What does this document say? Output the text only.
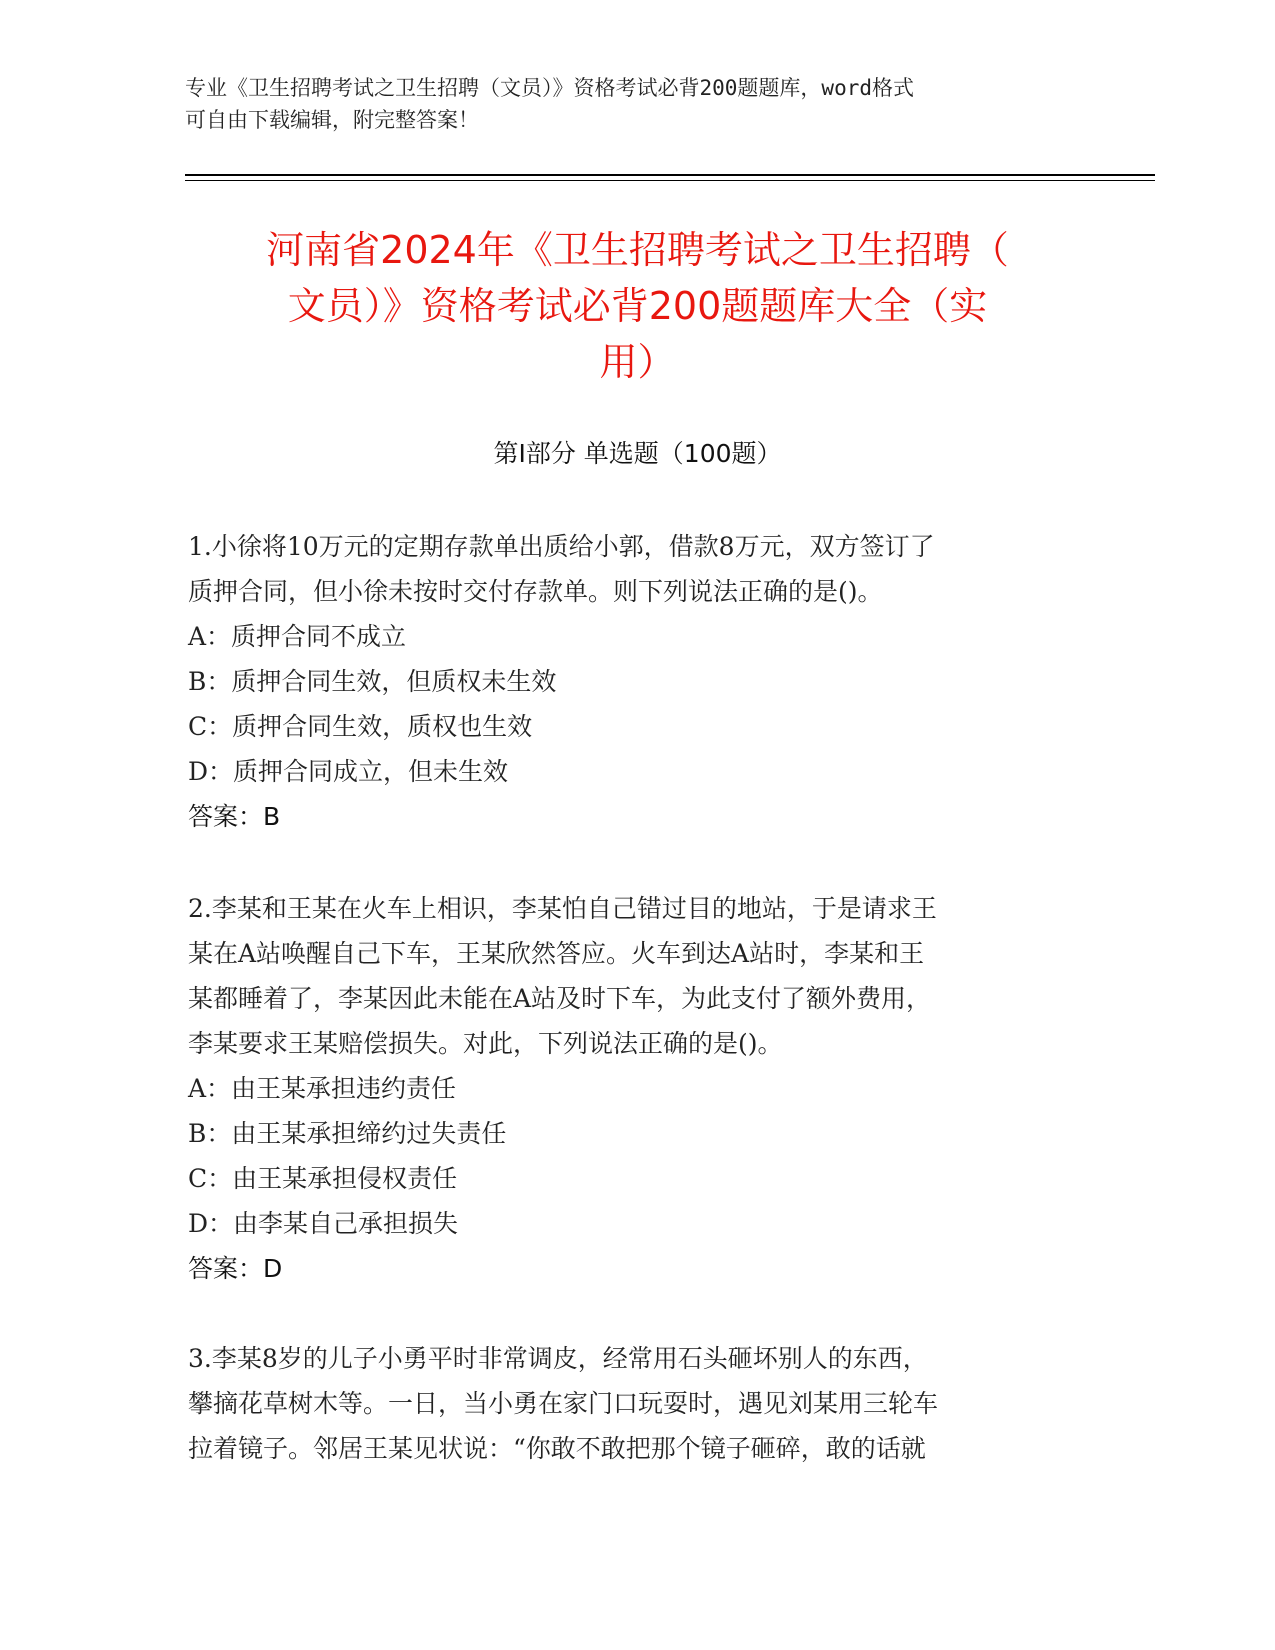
专业《卫生招聘考试之卫生招聘（文员）》资格考试必背200题题库，word格式
可自由下载编辑，附完整答案！
河南省2024年《卫生招聘考试之卫生招聘（
文员）》资格考试必背200题题库大全（实
用）
第Ⅰ部分 单选题（100题）
1.小徐将10万元的定期存款单出质给小郭，借款8万元，双方签订了
质押合同，但小徐未按时交付存款单。则下列说法正确的是()。
A：质押合同不成立
B：质押合同生效，但质权未生效
C：质押合同生效，质权也生效
D：质押合同成立，但未生效
答案：B
2.李某和王某在火车上相识，李某怕自己错过目的地站，于是请求王
某在A站唤醒自己下车，王某欣然答应。火车到达A站时，李某和王
某都睡着了，李某因此未能在A站及时下车，为此支付了额外费用，
李某要求王某赔偿损失。对此，下列说法正确的是()。
A：由王某承担违约责任
B：由王某承担缔约过失责任
C：由王某承担侵权责任
D：由李某自己承担损失
答案：D
3.李某8岁的儿子小勇平时非常调皮，经常用石头砸坏别人的东西，
攀摘花草树木等。一日，当小勇在家门口玩耍时，遇见刘某用三轮车
拉着镜子。邻居王某见状说：“你敢不敢把那个镜子砸碎，敢的话就
